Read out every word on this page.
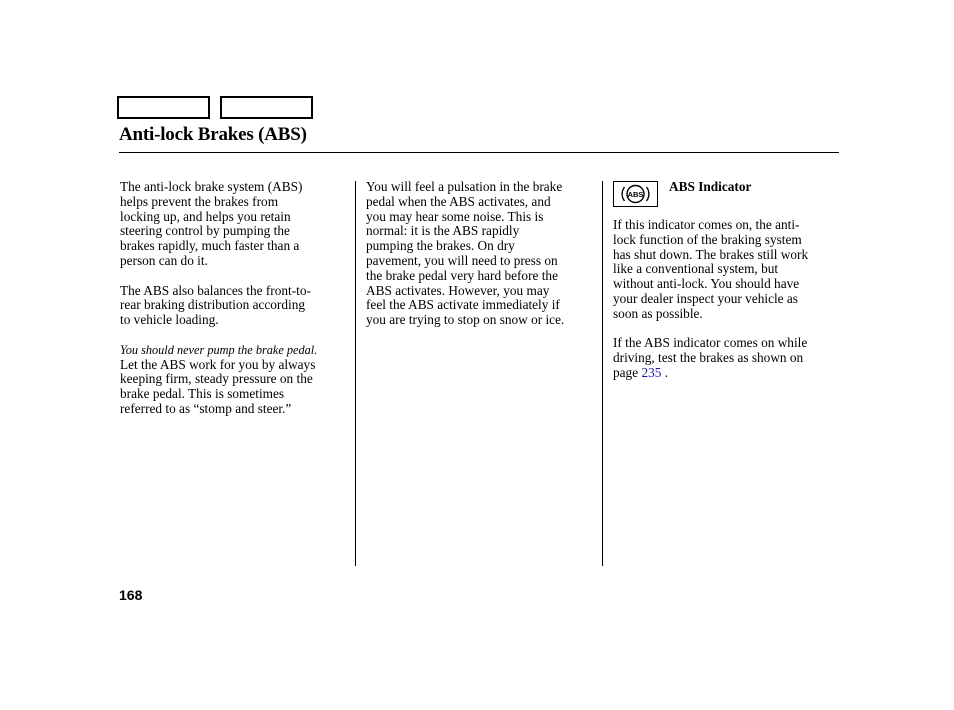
Anti-lock Brakes (ABS)
The anti-lock brake system (ABS)
helps prevent the brakes from
locking up, and helps you retain
steering control by pumping the
brakes rapidly, much faster than a
person can do it.
The ABS also balances the front-to-
rear braking distribution according
to vehicle loading.
You should never pump the brake pedal.
Let the ABS work for you by always
keeping firm, steady pressure on the
brake pedal. This is sometimes
referred to as “stomp and steer.”
You will feel a pulsation in the brake
pedal when the ABS activates, and
you may hear some noise. This is
normal: it is the ABS rapidly
pumping the brakes. On dry
pavement, you will need to press on
the brake pedal very hard before the
ABS activates. However, you may
feel the ABS activate immediately if
you are trying to stop on snow or ice.
ABS
ABS Indicator
If this indicator comes on, the anti-
lock function of the braking system
has shut down. The brakes still work
like a conventional system, but
without anti-lock. You should have
your dealer inspect your vehicle as
soon as possible.
If the ABS indicator comes on while
driving, test the brakes as shown on
page 235 .
168
